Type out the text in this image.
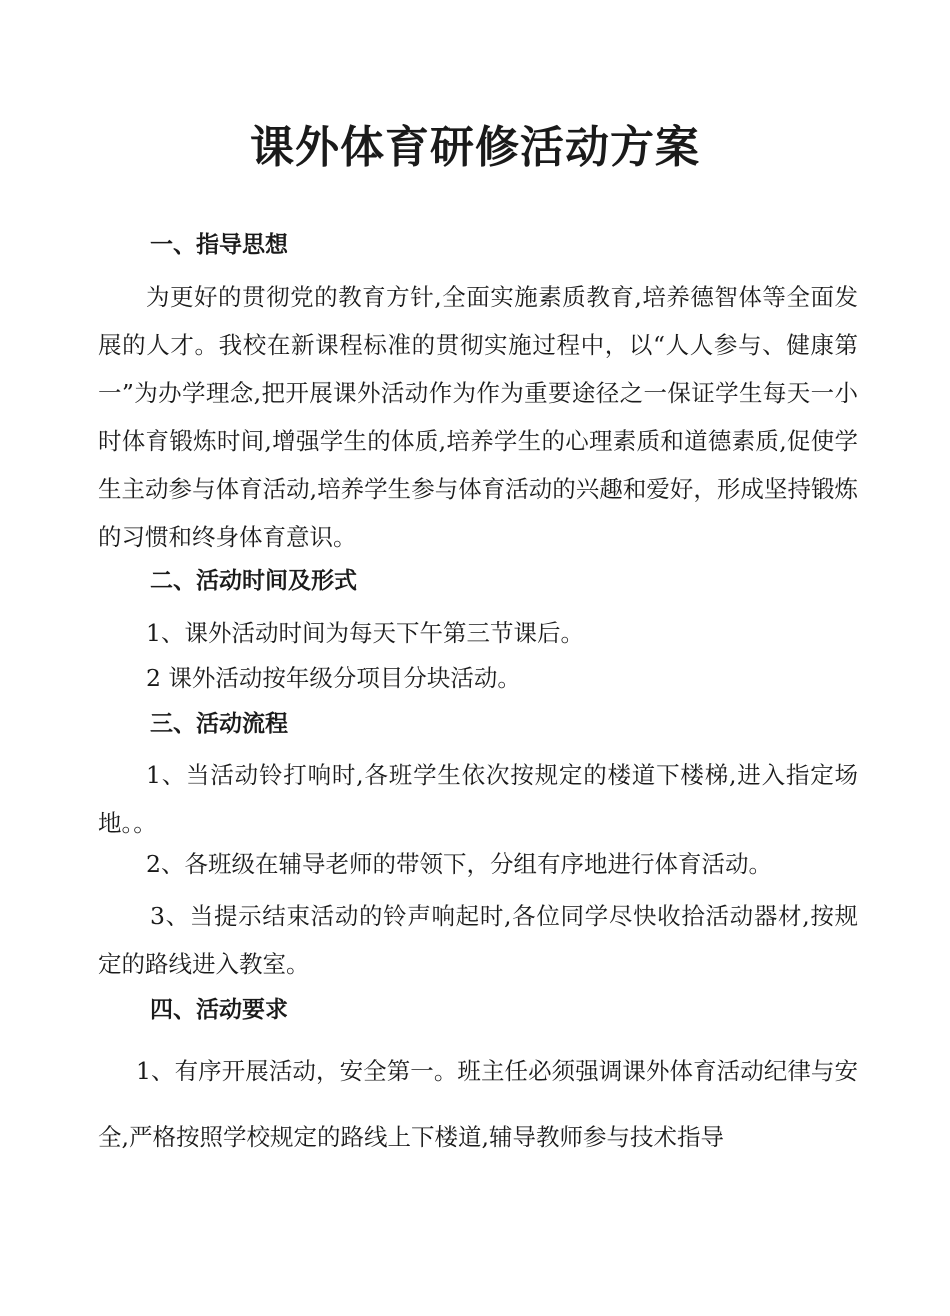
课外体育研修活动方案
一、指导思想

为更好的贯彻党的教育方针,全面实施素质教育,培养德智体等全面发展的人才。我校在新课程标准的贯彻实施过程中，以“人人参与、健康第一”为办学理念,把开展课外活动作为作为重要途径之一保证学生每天一小时体育锻炼时间,增强学生的体质,培养学生的心理素质和道德素质,促使学生主动参与体育活动,培养学生参与体育活动的兴趣和爱好，形成坚持锻炼的习惯和终身体育意识。

二、活动时间及形式

1、课外活动时间为每天下午第三节课后。

2 课外活动按年级分项目分块活动。

三、活动流程

1、当活动铃打响时,各班学生依次按规定的楼道下楼梯,进入指定场地。。

2、各班级在辅导老师的带领下，分组有序地进行体育活动。

3、当提示结束活动的铃声响起时,各位同学尽快收拾活动器材,按规定的路线进入教室。

四、活动要求

1、有序开展活动，安全第一。班主任必须强调课外体育活动纪律与安全,严格按照学校规定的路线上下楼道,辅导教师参与技术指导
